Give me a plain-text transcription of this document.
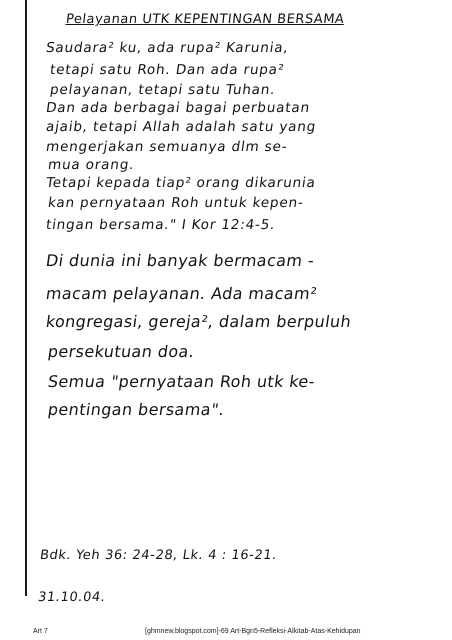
Pelayanan UTK KEPENTINGAN BERSAMA
Saudara² ku, ada rupa² Karunia,
tetapi satu Roh. Dan ada rupa²
pelayanan, tetapi satu Tuhan.
Dan ada berbagai bagai perbuatan
ajaib, tetapi Allah adalah satu yang
mengerjakan semuanya dlm se-
mua orang.
Tetapi kepada tiap² orang dikarunia
kan pernyataan Roh untuk kepen-
tingan bersama." I Kor 12:4-5.
Di dunia ini banyak bermacam -
macam pelayanan. Ada macam²
kongregasi, gereja², dalam berpuluh
persekutuan doa.
Semua "pernyataan Roh utk ke-
pentingan bersama".
Bdk. Yeh 36: 24-28, Lk. 4 : 16-21.
31.10.04.
Art 7	[ghmnew.blogspot.com]-69 Art-Bgn5-Refleksi-Alkitab-Atas-Kehidupan
